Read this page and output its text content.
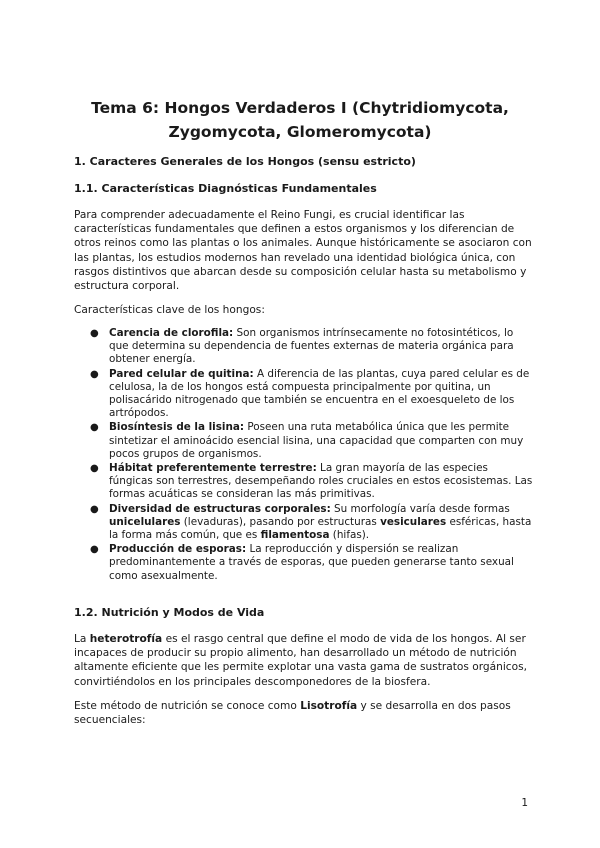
Tema 6: Hongos Verdaderos I (Chytridiomycota,
Zygomycota, Glomeromycota)
1. Caracteres Generales de los Hongos (sensu estricto)
1.1. Características Diagnósticas Fundamentales

Para comprender adecuadamente el Reino Fungi, es crucial identificar las características fundamentales que definen a estos organismos y los diferencian de otros reinos como las plantas o los animales. Aunque históricamente se asociaron con las plantas, los estudios modernos han revelado una identidad biológica única, con rasgos distintivos que abarcan desde su composición celular hasta su metabolismo y estructura corporal.

Características clave de los hongos:

● Carencia de clorofila: Son organismos intrínsecamente no fotosintéticos, lo que determina su dependencia de fuentes externas de materia orgánica para obtener energía.
● Pared celular de quitina: A diferencia de las plantas, cuya pared celular es de celulosa, la de los hongos está compuesta principalmente por quitina, un polisacárido nitrogenado que también se encuentra en el exoesqueleto de los artrópodos.
● Biosíntesis de la lisina: Poseen una ruta metabólica única que les permite sintetizar el aminoácido esencial lisina, una capacidad que comparten con muy pocos grupos de organismos.
● Hábitat preferentemente terrestre: La gran mayoría de las especies fúngicas son terrestres, desempeñando roles cruciales en estos ecosistemas. Las formas acuáticas se consideran las más primitivas.
● Diversidad de estructuras corporales: Su morfología varía desde formas unicelulares (levaduras), pasando por estructuras vesiculares esféricas, hasta la forma más común, que es filamentosa (hifas).
● Producción de esporas: La reproducción y dispersión se realizan predominantemente a través de esporas, que pueden generarse tanto sexual como asexualmente.
1.2. Nutrición y Modos de Vida

La heterotrofía es el rasgo central que define el modo de vida de los hongos. Al ser incapaces de producir su propio alimento, han desarrollado un método de nutrición altamente eficiente que les permite explotar una vasta gama de sustratos orgánicos, convirtiéndolos en los principales descomponedores de la biosfera.

Este método de nutrición se conoce como Lisotrofía y se desarrolla en dos pasos secuenciales:

1
